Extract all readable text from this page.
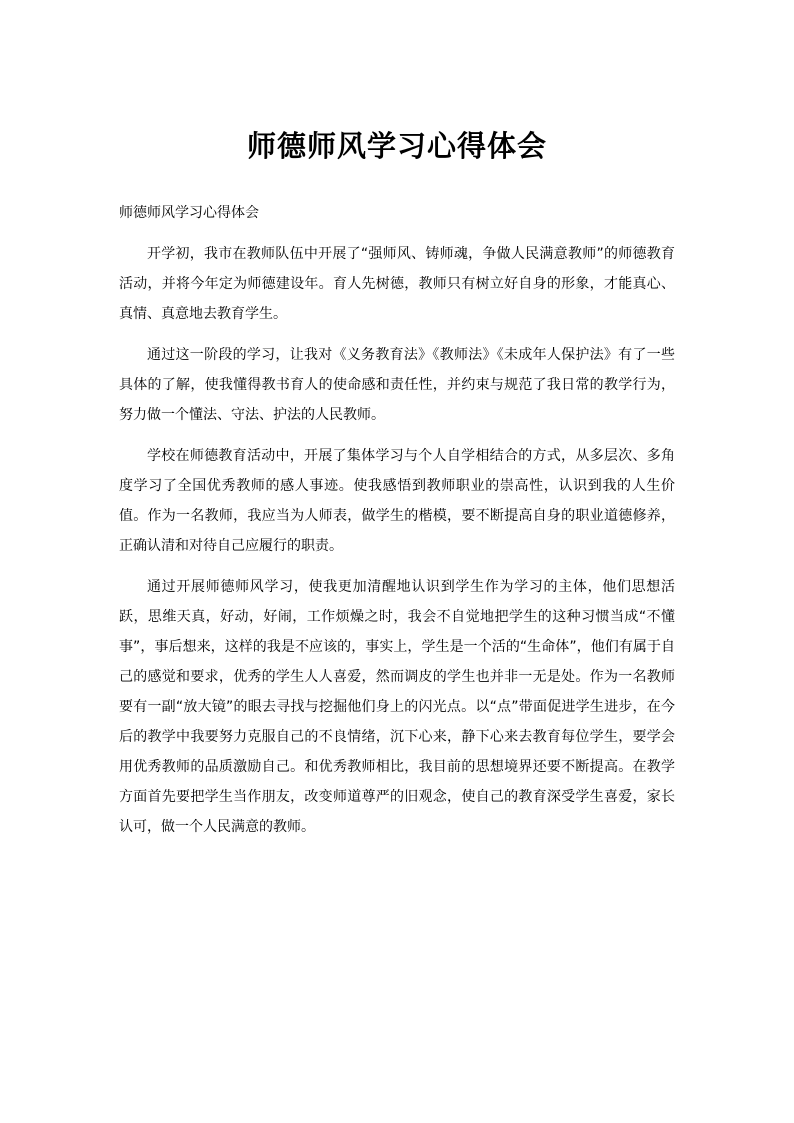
师德师风学习心得体会

师德师风学习心得体会

开学初，我市在教师队伍中开展了“强师风、铸师魂，争做人民满意教师”的师德教育活动，并将今年定为师德建设年。育人先树德，教师只有树立好自身的形象，才能真心、真情、真意地去教育学生。

通过这一阶段的学习，让我对《义务教育法》《教师法》《未成年人保护法》有了一些具体的了解，使我懂得教书育人的使命感和责任性，并约束与规范了我日常的教学行为，努力做一个懂法、守法、护法的人民教师。

学校在师德教育活动中，开展了集体学习与个人自学相结合的方式，从多层次、多角度学习了全国优秀教师的感人事迹。使我感悟到教师职业的崇高性，认识到我的人生价值。作为一名教师，我应当为人师表，做学生的楷模，要不断提高自身的职业道德修养，正确认清和对待自己应履行的职责。

通过开展师德师风学习，使我更加清醒地认识到学生作为学习的主体，他们思想活跃，思维天真，好动，好闹，工作烦燥之时，我会不自觉地把学生的这种习惯当成“不懂事”，事后想来，这样的我是不应该的，事实上，学生是一个活的“生命体”，他们有属于自己的感觉和要求，优秀的学生人人喜爱，然而调皮的学生也并非一无是处。作为一名教师要有一副“放大镜”的眼去寻找与挖掘他们身上的闪光点。以“点”带面促进学生进步，在今后的教学中我要努力克服自己的不良情绪，沉下心来，静下心来去教育每位学生，要学会用优秀教师的品质激励自己。和优秀教师相比，我目前的思想境界还要不断提高。在教学方面首先要把学生当作朋友，改变师道尊严的旧观念，使自己的教育深受学生喜爱，家长认可，做一个人民满意的教师。
